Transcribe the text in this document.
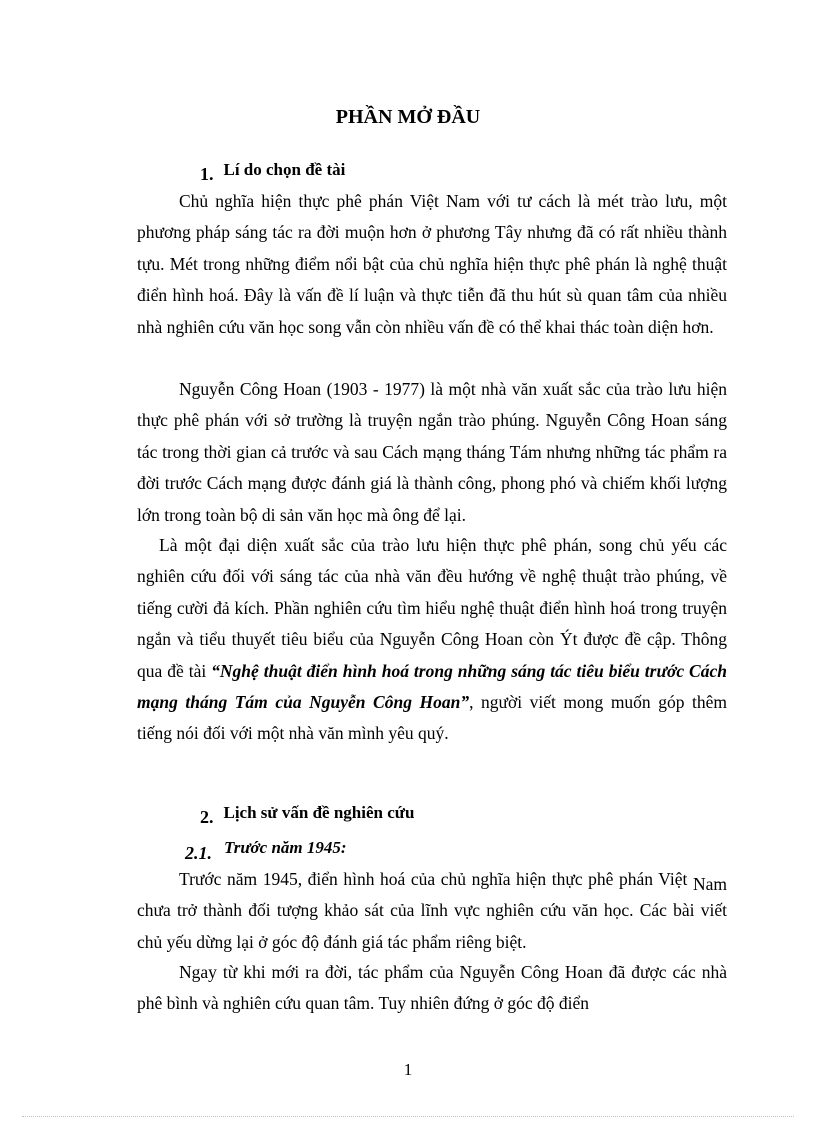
PHẦN MỞ ĐẦU
1. Lí do chọn đề tài

Chủ nghĩa hiện thực phê phán Việt Nam với tư cách là mét trào lưu, một phương pháp sáng tác ra đời muộn hơn ở phương Tây nhưng đã có rất nhiều thành tựu. Mét trong những điểm nổi bật của chủ nghĩa hiện thực phê phán là nghệ thuật điển hình hoá. Đây là vấn đề lí luận và thực tiễn đã thu hút sù quan tâm của nhiều nhà nghiên cứu văn học song vẫn còn nhiều vấn đề có thể khai thác toàn diện hơn.

Nguyễn Công Hoan (1903 - 1977) là một nhà văn xuất sắc của trào lưu hiện thực phê phán với sở trường là truyện ngắn trào phúng. Nguyễn Công Hoan sáng tác trong thời gian cả trước và sau Cách mạng tháng Tám nhưng những tác phẩm ra đời trước Cách mạng được đánh giá là thành công, phong phó và chiếm khối lượng lớn trong toàn bộ di sản văn học mà ông để lại.

Là một đại diện xuất sắc của trào lưu hiện thực phê phán, song chủ yếu các nghiên cứu đối với sáng tác của nhà văn đều hướng về nghệ thuật trào phúng, về tiếng cười đả kích. Phần nghiên cứu tìm hiểu nghệ thuật điển hình hoá trong truyện ngắn và tiểu thuyết tiêu biểu của Nguyễn Công Hoan còn Ýt được đề cập. Thông qua đề tài “Nghệ thuật điển hình hoá trong những sáng tác tiêu biểu trước Cách mạng tháng Tám của Nguyễn Công Hoan”, người viết mong muốn góp thêm tiếng nói đối với một nhà văn mình yêu quý.

2. Lịch sử vấn đề nghiên cứu
2.1. Trước năm 1945:

Trước năm 1945, điển hình hoá của chủ nghĩa hiện thực phê phán Việt Nam chưa trở thành đối tượng khảo sát của lĩnh vực nghiên cứu văn học. Các bài viết chủ yếu dừng lại ở góc độ đánh giá tác phẩm riêng biệt.

Ngay từ khi mới ra đời, tác phẩm của Nguyễn Công Hoan đã được các nhà phê bình và nghiên cứu quan tâm. Tuy nhiên đứng ở góc độ điển

1
